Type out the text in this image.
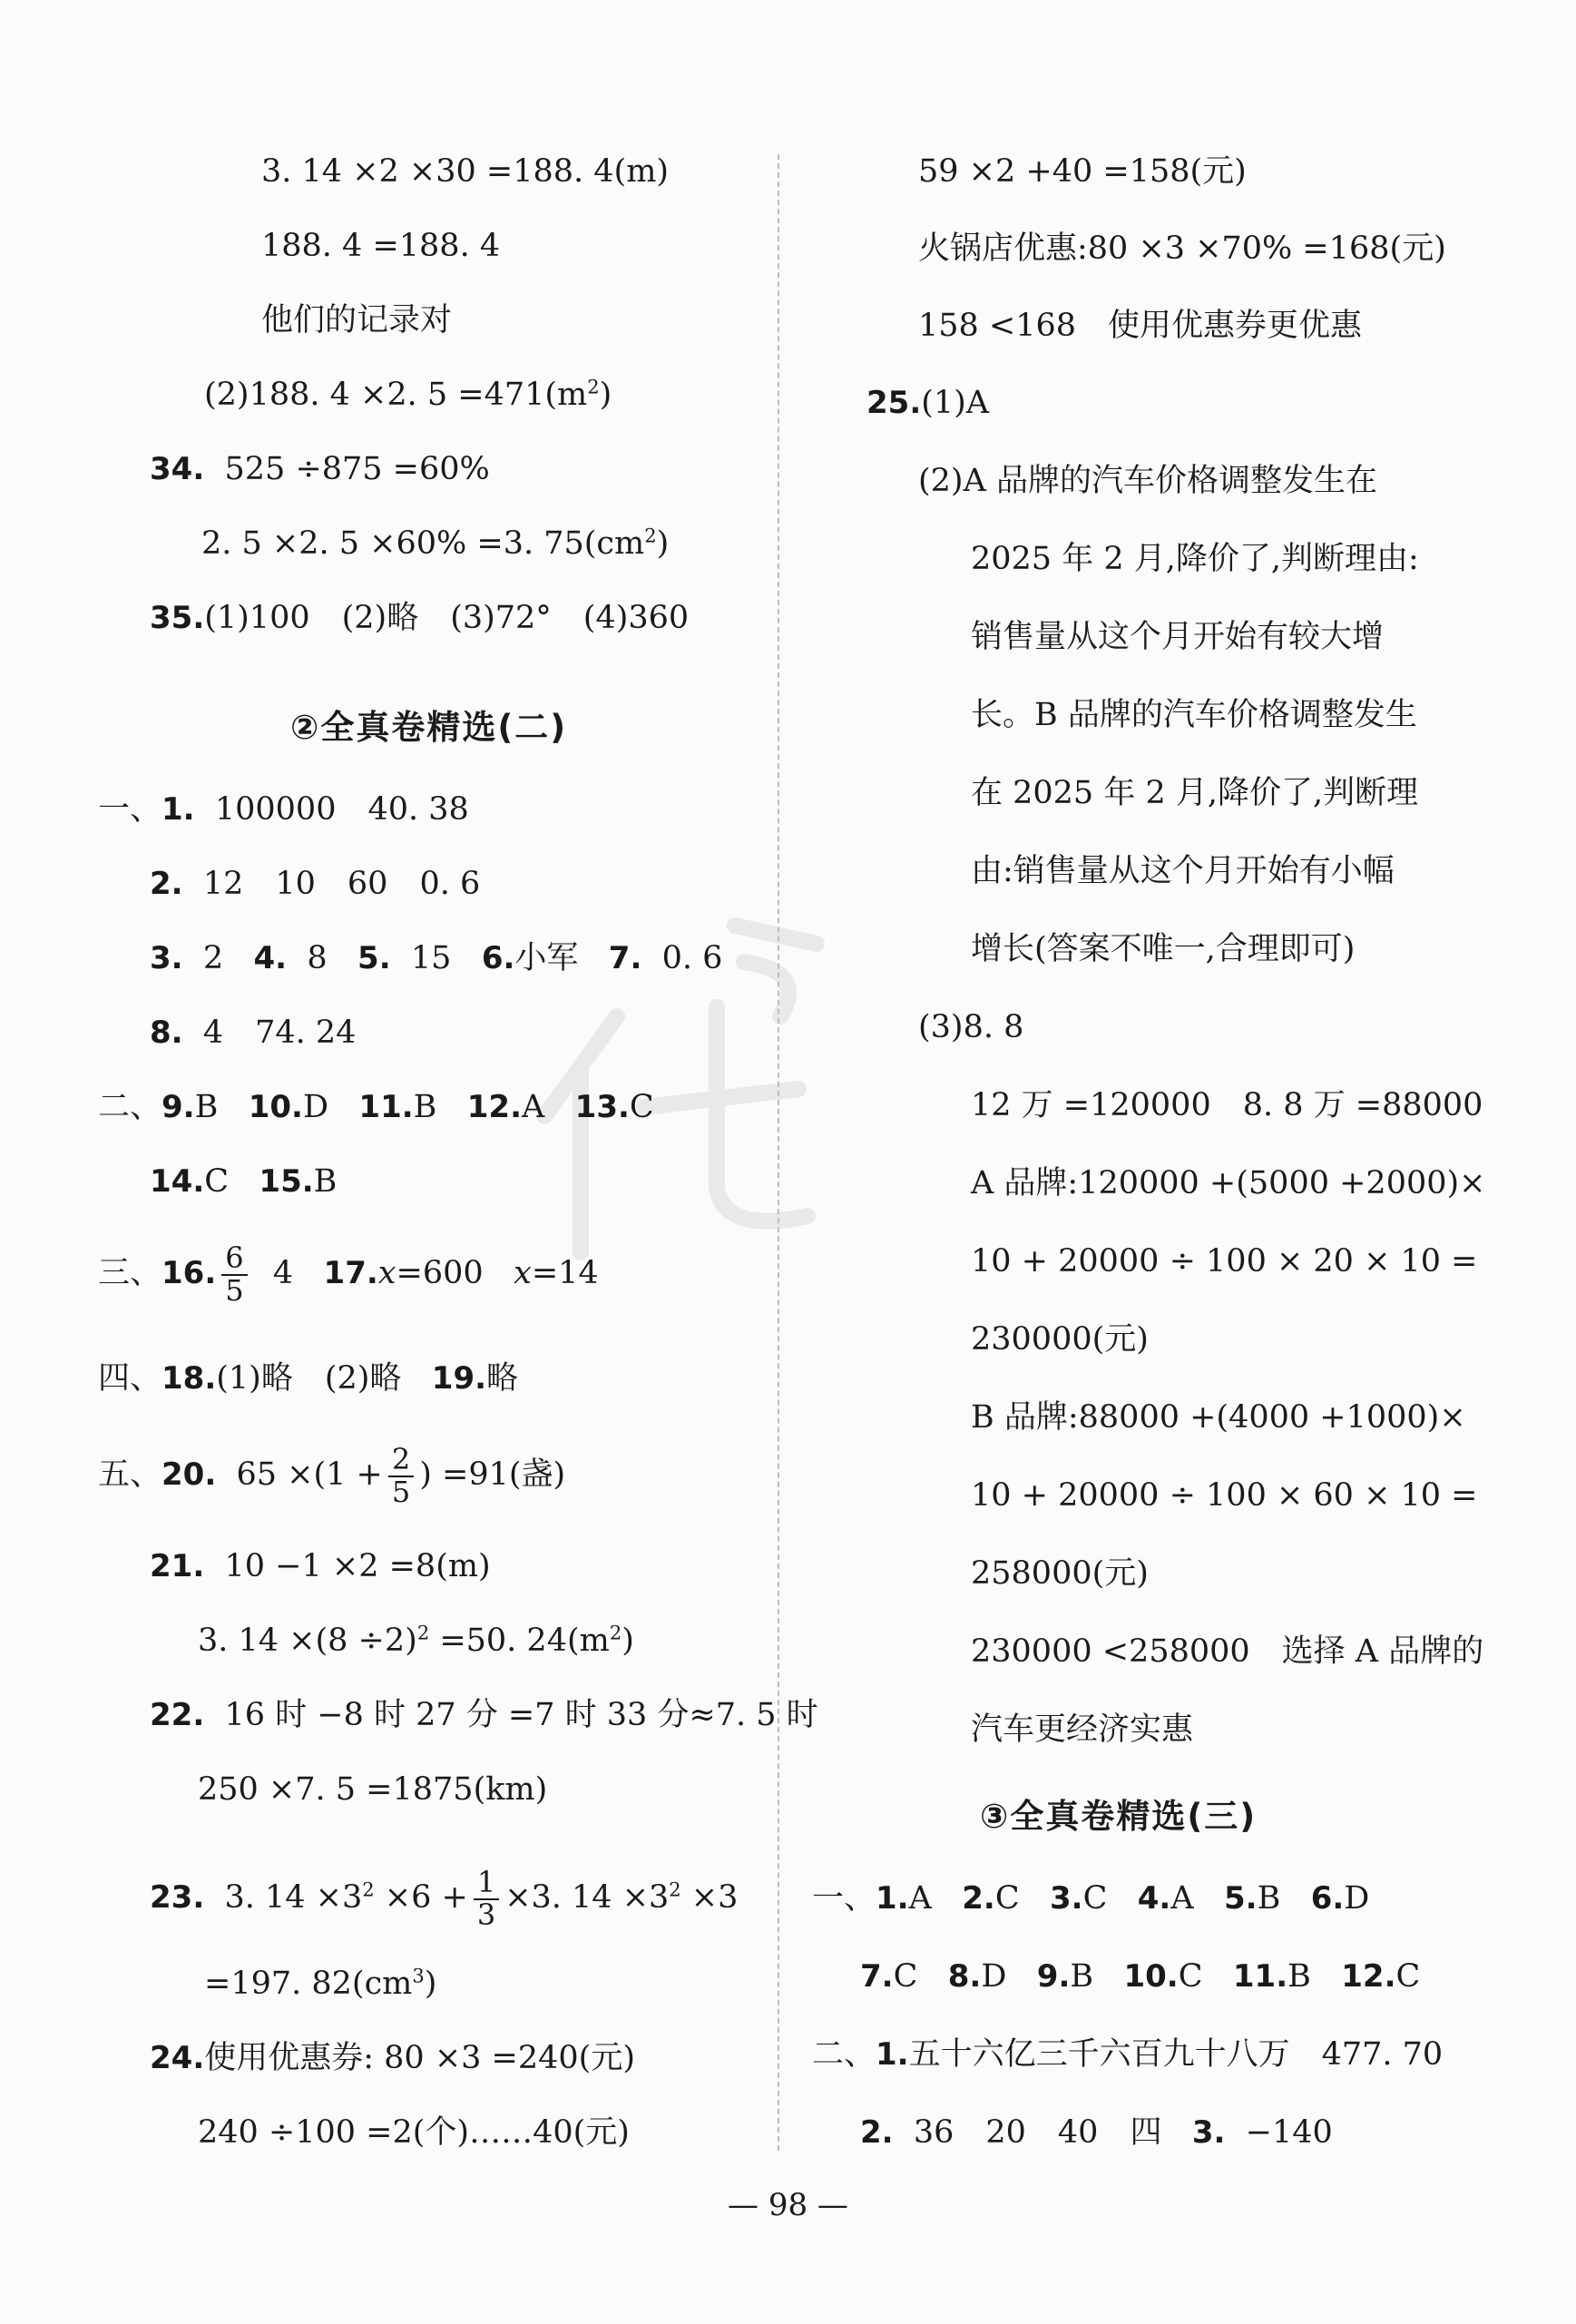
3. 14 ×2 ×30 =188. 4(m)
188. 4 =188. 4
他们的记录对
(2)188. 4 ×2. $5 =471(m^2)$
34. 525 ÷875 =60%
2. 5 ×2. 5 ×60% =3. $75(cm^2)$
35.(1)100　(2)略　(3)72°　(4)360
②全真卷精选(二)
一、1. 100000　40. 38
2. 12　10　60　0. 6
3. 2 4. 8 5. 15 6.小军 7. 0. 6
8. 4　74. 24
二、9.B 10.D 11.B 12.A 13.C
14.C 15.B
三、16. $\frac{6}{5} 4$ 17.x=600 x=14
四、18.(1)略　(2)略 19.略
五、20. $65 \times(1 + \frac{2}{5}$ ) =91(盏)
21. 10 −1 ×2 =8(m)
3. $14 \times(8 \div 2)^2 =50$. $24(m^2)$
22. 16 时 −8 时 27 分 =7 时 33 分≈7. 5 时
250 ×7. 5 =1875(km)
23. 3. $14 \times 3^2 \times 6 + \frac{1}{3} \times 3$. $14 \times 3^2 \times 3$
=197. $82(cm^3)$
24.使用优惠券: 80 ×3 =240(元)
240 ÷100 =2(个)……40(元)
59 ×2 +40 =158(元)
火锅店优惠:80 ×3 ×70% =168(元)
158 <168　使用优惠券更优惠
25.(1)A
(2)A 品牌的汽车价格调整发生在
2025 年 2 月,降价了,判断理由:
销售量从这个月开始有较大增
长。B 品牌的汽车价格调整发生
在 2025 年 2 月,降价了,判断理
由:销售量从这个月开始有小幅
增长(答案不唯一,合理即可)
(3)8. 8
12 万 =120000　8. 8 万 =88000
A 品牌:120000 +(5000 +2000)×
10 + 20000 ÷ 100 × 20 × 10 =
230000(元)
B 品牌:88000 +(4000 +1000)×
10 + 20000 ÷ 100 × 60 × 10 =
258000(元)
230000 <258000　选择 A 品牌的
汽车更经济实惠
③全真卷精选(三)
一、1.A 2.C 3.C 4.A 5.B 6.D
7.C 8.D 9.B 10.C 11.B 12.C
二、1.五十六亿三千六百九十八万　477. 70
2. 36　20　40　四 3. −140
— 98 —
